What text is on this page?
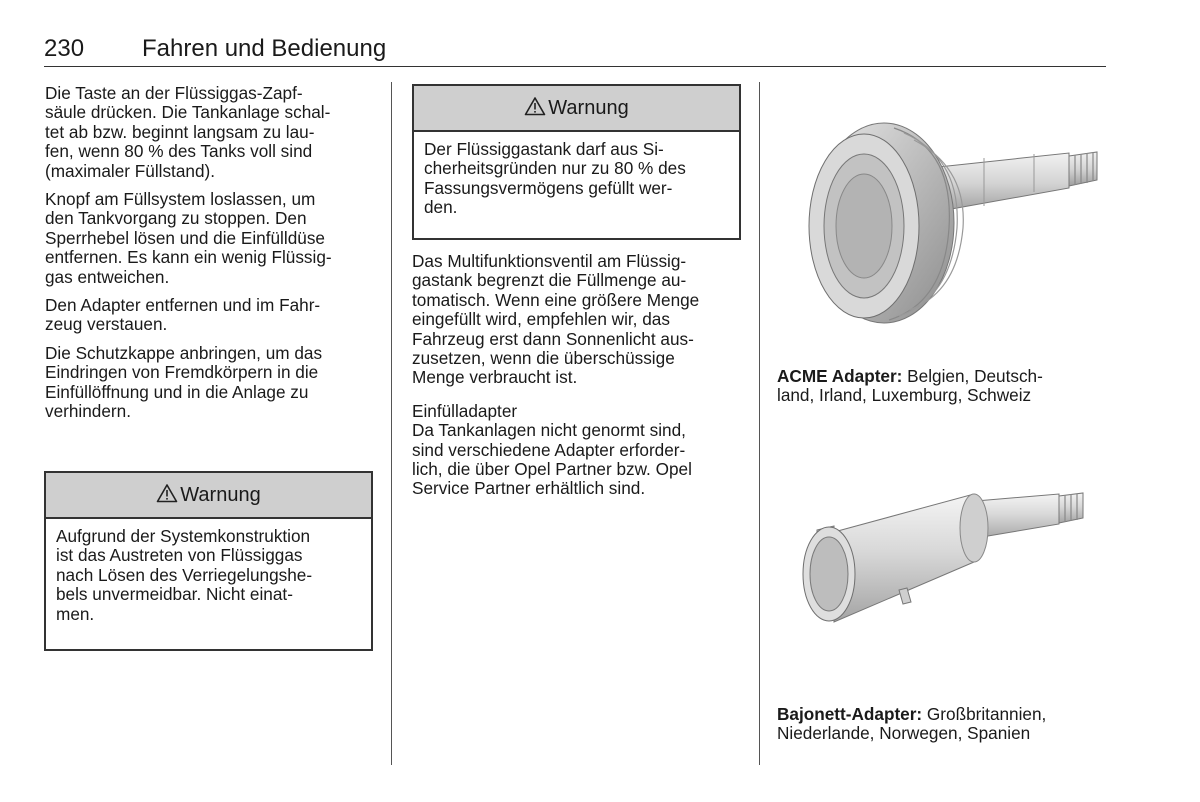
230 Fahren und Bedienung

Die Taste an der Flüssiggas-Zapf-
säule drücken. Die Tankanlage schal-
tet ab bzw. beginnt langsam zu lau-
fen, wenn 80 % des Tanks voll sind
(maximaler Füllstand).

Knopf am Füllsystem loslassen, um
den Tankvorgang zu stoppen. Den
Sperrhebel lösen und die Einfülldüse
entfernen. Es kann ein wenig Flüssig-
gas entweichen.

Den Adapter entfernen und im Fahr-
zeug verstauen.

Die Schutzkappe anbringen, um das
Eindringen von Fremdkörpern in die
Einfüllöffnung und in die Anlage zu
verhindern.

Warnung
Aufgrund der Systemkonstruktion
ist das Austreten von Flüssiggas
nach Lösen des Verriegelungshe-
bels unvermeidbar. Nicht einat-
men.
Warnung
Der Flüssiggastank darf aus Si-
cherheitsgründen nur zu 80 % des
Fassungsvermögens gefüllt wer-
den.

Das Multifunktionsventil am Flüssig-
gastank begrenzt die Füllmenge au-
tomatisch. Wenn eine größere Menge
eingefüllt wird, empfehlen wir, das
Fahrzeug erst dann Sonnenlicht aus-
zusetzen, wenn die überschüssige
Menge verbraucht ist.

Einfülladapter

Da Tankanlagen nicht genormt sind,
sind verschiedene Adapter erforder-
lich, die über Opel Partner bzw. Opel
Service Partner erhältlich sind.

ACME Adapter: Belgien, Deutsch-
land, Irland, Luxemburg, Schweiz
Bajonett-Adapter: Großbritannien,
Niederlande, Norwegen, Spanien
